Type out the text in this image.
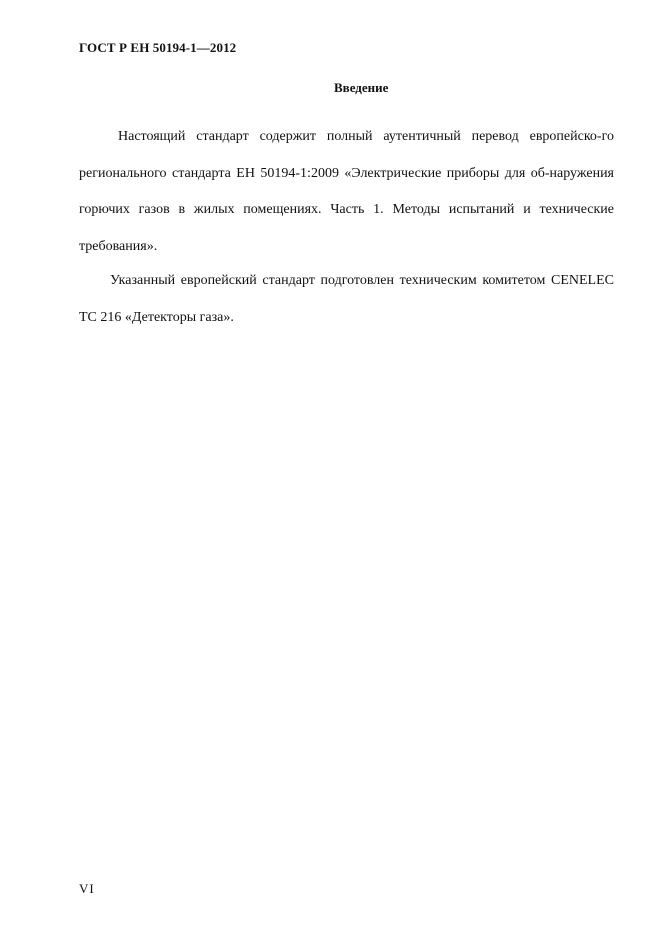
ГОСТ Р ЕН 50194-1—2012
Введение

Настоящий стандарт содержит полный аутентичный перевод европейско-го регионального стандарта ЕН 50194-1:2009 «Электрические приборы для об-наружения горючих газов в жилых помещениях. Часть 1. Методы испытаний и технические требования».

Указанный европейский стандарт подготовлен техническим комитетом CENELEC TC 216 «Детекторы газа».

VI
